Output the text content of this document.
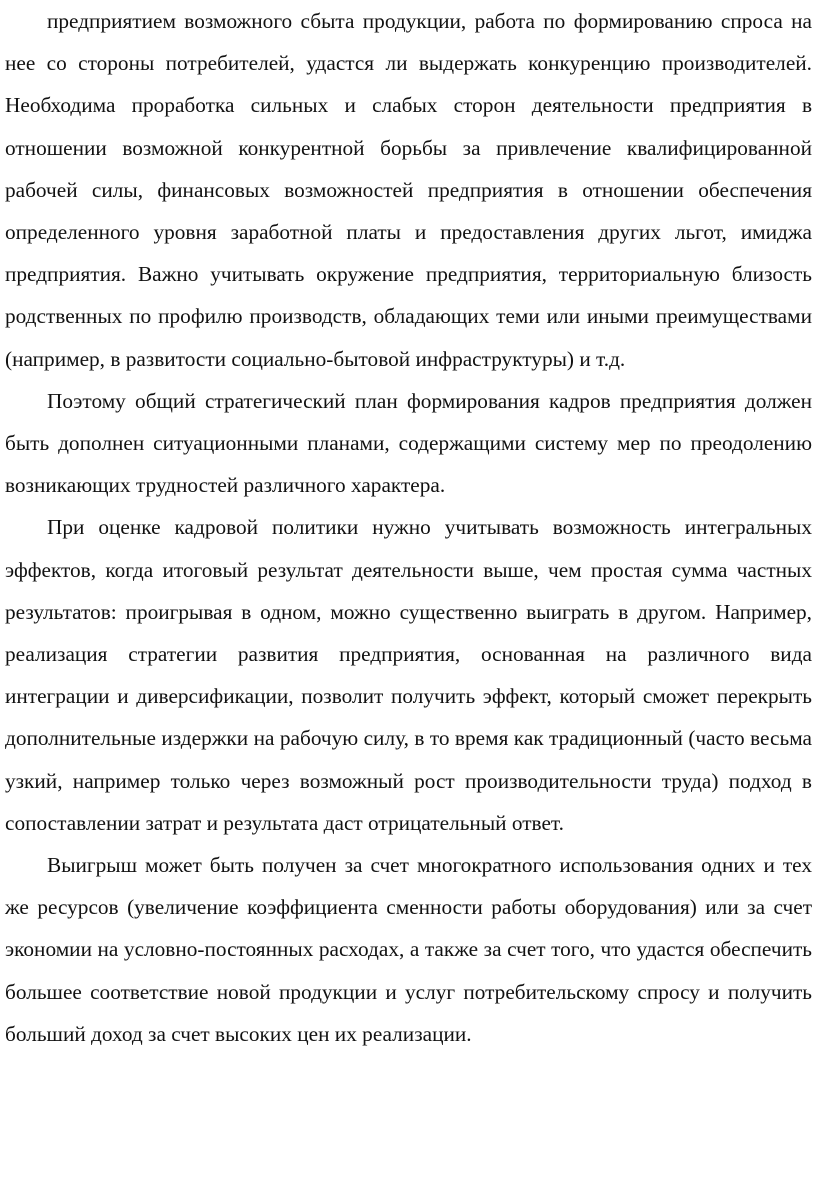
предприятием возможного сбыта продукции, работа по формированию спроса на нее со стороны потребителей, удастся ли выдержать конкуренцию производителей. Необходима проработка сильных и слабых сторон деятельности предприятия в отношении возможной конкурентной борьбы за привлечение квалифицированной рабочей силы, финансовых возможностей предприятия в отношении обеспечения определенного уровня заработной платы и предоставления других льгот, имиджа предприятия. Важно учитывать окружение предприятия, территориальную близость родственных по профилю производств, обладающих теми или иными преимуществами (например, в развитости социально-бытовой инфраструктуры) и т.д.

Поэтому общий стратегический план формирования кадров предприятия должен быть дополнен ситуационными планами, содержащими систему мер по преодолению возникающих трудностей различного характера.

При оценке кадровой политики нужно учитывать возможность интегральных эффектов, когда итоговый результат деятельности выше, чем простая сумма частных результатов: проигрывая в одном, можно существенно выиграть в другом. Например, реализация стратегии развития предприятия, основанная на различного вида интеграции и диверсификации, позволит получить эффект, который сможет перекрыть дополнительные издержки на рабочую силу, в то время как традиционный (часто весьма узкий, например только через возможный рост производительности труда) подход в сопоставлении затрат и результата даст отрицательный ответ.

Выигрыш может быть получен за счет многократного использования одних и тех же ресурсов (увеличение коэффициента сменности работы оборудования) или за счет экономии на условно-постоянных расходах, а также за счет того, что удастся обеспечить большее соответствие новой продукции и услуг потребительскому спросу и получить больший доход за счет высоких цен их реализации.
